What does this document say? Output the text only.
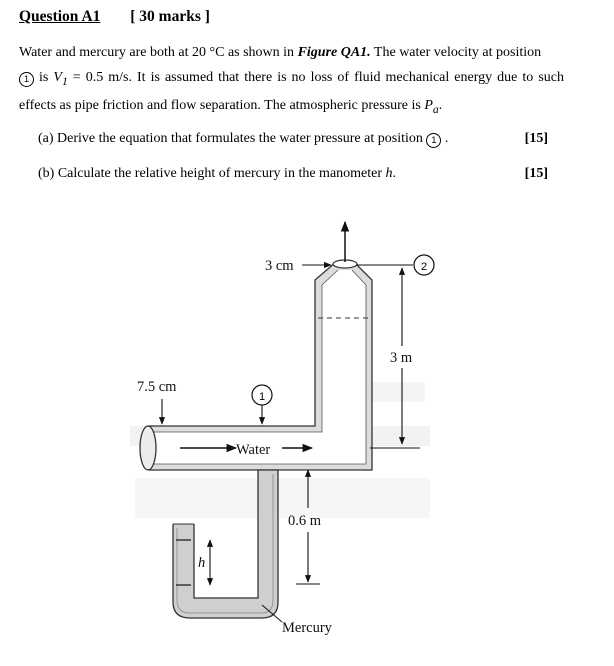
Question A1 [ 30 marks ]
Water and mercury are both at 20 °C as shown in Figure QA1. The water velocity at position
1 is $V_1 = 0.5$ m/s. It is assumed that there is no loss of fluid mechanical energy due to such effects as pipe friction and flow separation. The atmospheric pressure is $P_a$.
(a) Derive the equation that formulates the water pressure at position 1 .	[15]
(b) Calculate the relative height of mercury in the manometer h.	[15]
Water
h
0.6 m
Mercury
1
7.5 cm
3 cm	2
3 m
